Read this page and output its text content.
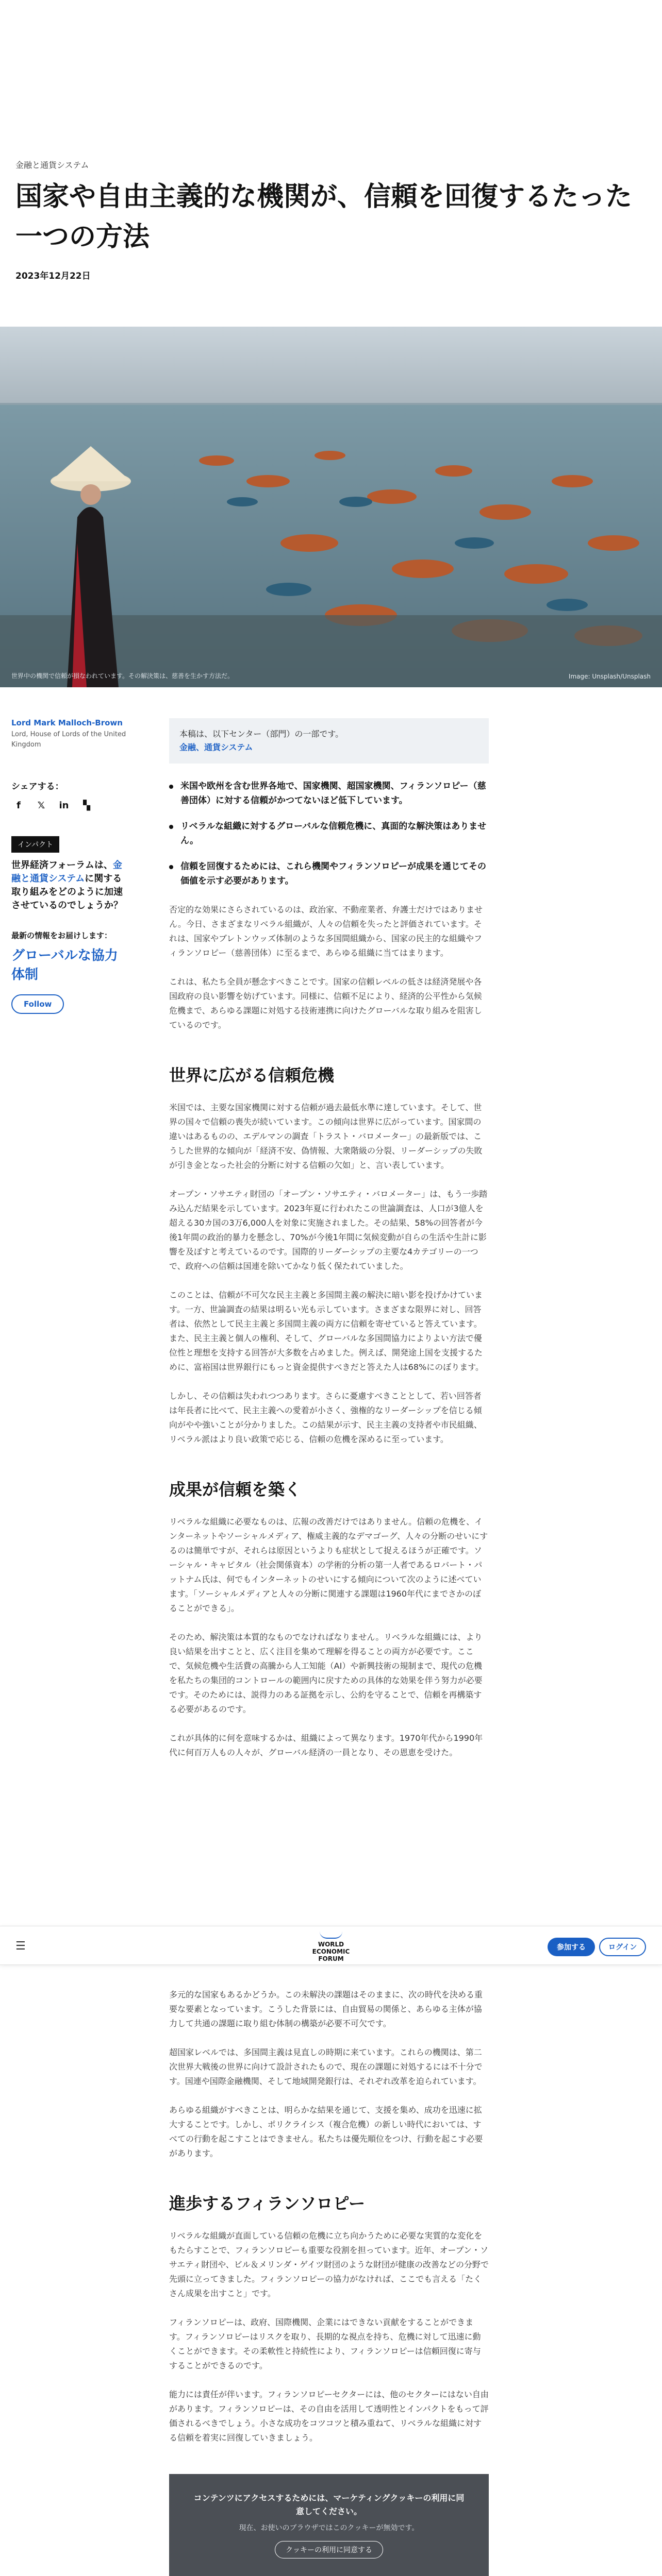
金融と通貨システム
国家や自由主義的な機関が、信頼を回復するたった一つの方法
2023年12月22日
世界中の機関で信頼が損なわれています。その解決策は、慈善を生かす方法だ。	Image: Unsplash/Unsplash
Lord Mark Malloch-Brown
Lord, House of Lords of the United Kingdom
シェアする：
f	𝕏	in	▚
インパクト
世界経済フォーラムは、金融と通貨システムに関する取り組みをどのように加速させているのでしょうか？
最新の情報をお届けします：
グローバルな協力体制
Follow
本稿は、以下センター（部門）の一部です。
金融、通貨システム
米国や欧州を含む世界各地で、国家機関、超国家機関、フィランソロピー（慈善団体）に対する信頼がかつてないほど低下しています。
リベラルな組織に対するグローバルな信頼危機に、真面的な解決策はありません。
信頼を回復するためには、これら機関やフィランソロピーが成果を通じてその価値を示す必要があります。

否定的な効果にさらされているのは、政治家、不動産業者、弁護士だけではありません。今日、さまざまなリベラル組織が、人々の信頼を失ったと評価されています。それは、国家やブレトンウッズ体制のような多国間組織から、国家の民主的な組織やフィランソロピー（慈善団体）に至るまで、あらゆる組織に当てはまります。

これは、私たち全員が懸念すべきことです。国家の信頼レベルの低さは経済発展や各国政府の良い影響を妨げています。同様に、信頼不足により、経済的公平性から気候危機まで、あらゆる課題に対処する技術連携に向けたグローバルな取り組みを阻害しているのです。

世界に広がる信頼危機

米国では、主要な国家機関に対する信頼が過去最低水準に達しています。そして、世界の国々で信頼の喪失が続いています。この傾向は世界に広がっています。国家間の違いはあるものの、エデルマンの調査「トラスト・バロメーター」の最新版では、こうした世界的な傾向が「経済不安、偽情報、大衆階級の分裂、リーダーシップの失敗が引き金となった社会的分断に対する信頼の欠如」と、言い表しています。

オープン・ソサエティ財団の「オープン・ソサエティ・バロメーター」は、もう一歩踏み込んだ結果を示しています。2023年夏に行われたこの世論調査は、人口が3億人を超える30カ国の3万6,000人を対象に実施されました。その結果、58%の回答者が今後1年間の政治的暴力を懸念し、70%が今後1年間に気候変動が自らの生活や生計に影響を及ぼすと考えているのです。国際的リーダーシップの主要な4カテゴリーの一つで、政府への信頼は国連を除いてかなり低く保たれていました。

このことは、信頼が不可欠な民主主義と多国間主義の解決に暗い影を投げかけています。一方、世論調査の結果は明るい光も示しています。さまざまな限界に対し、回答者は、依然として民主主義と多国間主義の両方に信頼を寄せていると答えています。また、民主主義と個人の権利、そして、グローバルな多国間協力によりよい方法で優位性と理想を支持する回答が大多数を占めました。例えば、開発途上国を支援するために、富裕国は世界銀行にもっと資金提供すべきだと答えた人は68%にのぼります。

しかし、その信頼は失われつつあります。さらに憂慮すべきこととして、若い回答者は年長者に比べて、民主主義への愛着が小さく、強権的なリーダーシップを信じる傾向がやや強いことが分かりました。この結果が示す、民主主義の支持者や市民組織、リベラル派はより良い政策で応じる、信頼の危機を深めるに至っています。

成果が信頼を築く

リベラルな組織に必要なものは、広報の改善だけではありません。信頼の危機を、インターネットやソーシャルメディア、権威主義的なデマゴーグ、人々の分断のせいにするのは簡単ですが、それらは原因というよりも症状として捉えるほうが正確です。ソーシャル・キャピタル（社会関係資本）の学術的分析の第一人者であるロバート・パットナム氏は、何でもインターネットのせいにする傾向について次のように述べています。「ソーシャルメディアと人々の分断に関連する課題は1960年代にまでさかのぼることができる」。

そのため、解決策は本質的なものでなければなりません。リベラルな組織には、より良い結果を出すことと、広く注目を集めて理解を得ることの両方が必要です。ここで、気候危機や生活費の高騰から人工知能（AI）や新興技術の規制まで、現代の危機を私たちの集団的コントロールの範囲内に戻すための具体的な効果を伴う努力が必要です。そのためには、説得力のある証拠を示し、公約を守ることで、信頼を再構築する必要があるのです。

これが具体的に何を意味するかは、組織によって異なります。1970年代から1990年代に何百万人もの人々が、グローバル経済の一員となり、その恩恵を受けた。

☰	WORLD
ECONOMIC
FORUM
参加する	ログイン

多元的な国家もあるかどうか。この未解決の課題はそのままに、次の時代を決める重要な要素となっています。こうした背景には、自由貿易の関係と、あらゆる主体が協力して共通の課題に取り組む体制の構築が必要不可欠です。

超国家レベルでは、多国間主義は見直しの時期に来ています。これらの機関は、第二次世界大戦後の世界に向けて設計されたもので、現在の課題に対処するには不十分です。国連や国際金融機関、そして地域開発銀行は、それぞれ改革を迫られています。

あらゆる組織がすべきことは、明らかな結果を通じて、支援を集め、成功を迅速に拡大することです。しかし、ポリクライシス（複合危機）の新しい時代においては、すべての行動を起こすことはできません。私たちは優先順位をつけ、行動を起こす必要があります。

進歩するフィランソロピー

リベラルな組織が直面している信頼の危機に立ち向かうために必要な実質的な変化をもたらすことで、フィランソロピーも重要な役割を担っています。近年、オープン・ソサエティ財団や、ビル＆メリンダ・ゲイツ財団のような財団が健康の改善などの分野で先頭に立ってきました。フィランソロピーの協力がなければ、ここでも言える「たくさん成果を出すこと」です。

フィランソロピーは、政府、国際機関、企業にはできない貢献をすることができます。フィランソロピーはリスクを取り、長期的な視点を持ち、危機に対して迅速に動くことができます。その柔軟性と持続性により、フィランソロピーは信頼回復に寄与することができるのです。

能力には責任が伴います。フィランソロピーセクターには、他のセクターにはない自由があります。フィランソロピーは、その自由を活用して透明性とインパクトをもって評価されるべきでしょう。小さな成功をコツコツと積み重ねて、リベラルな組織に対する信頼を着実に回復していきましょう。

コンテンツにアクセスするためには、マーケティングクッキーの利用に同意してください。
現在、お使いのブラウザではこのクッキーが無効です。
クッキーの利用に同意する
